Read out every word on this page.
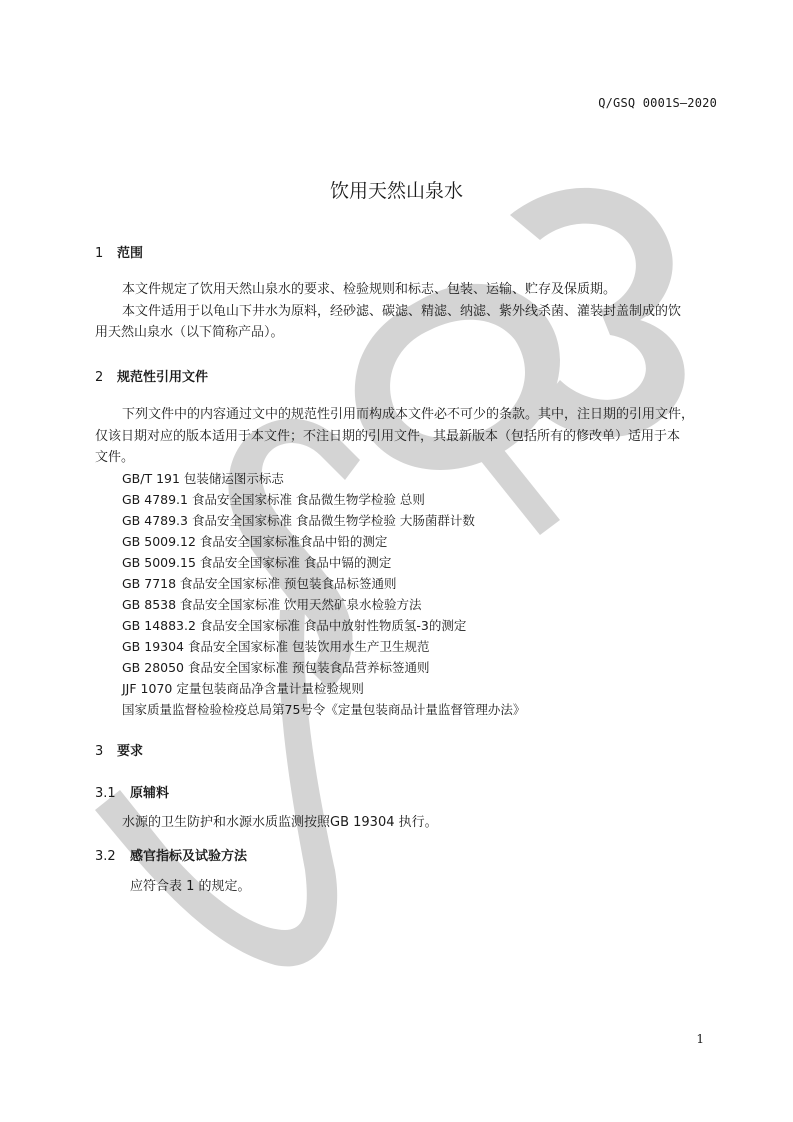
Q/GSQ 0001S—2020
饮用天然山泉水
1 范围
本文件规定了饮用天然山泉水的要求、检验规则和标志、包装、运输、贮存及保质期。
本文件适用于以龟山下井水为原料，经砂滤、碳滤、精滤、纳滤、紫外线杀菌、灌装封盖制成的饮
用天然山泉水（以下简称产品）。
2 规范性引用文件
下列文件中的内容通过文中的规范性引用而构成本文件必不可少的条款。其中，注日期的引用文件，
仅该日期对应的版本适用于本文件；不注日期的引用文件，其最新版本（包括所有的修改单）适用于本
文件。
GB/T 191 包装储运图示标志
GB 4789.1 食品安全国家标准 食品微生物学检验 总则
GB 4789.3 食品安全国家标准 食品微生物学检验 大肠菌群计数
GB 5009.12 食品安全国家标准食品中铅的测定
GB 5009.15 食品安全国家标准 食品中镉的测定
GB 7718 食品安全国家标准 预包装食品标签通则
GB 8538 食品安全国家标准 饮用天然矿泉水检验方法
GB 14883.2 食品安全国家标准 食品中放射性物质氢-3的测定
GB 19304 食品安全国家标准 包装饮用水生产卫生规范
GB 28050 食品安全国家标准 预包装食品营养标签通则
JJF 1070 定量包装商品净含量计量检验规则
国家质量监督检验检疫总局第75号令《定量包装商品计量监督管理办法》
3 要求
3.1 原辅料
水源的卫生防护和水源水质监测按照GB 19304 执行。
3.2 感官指标及试验方法
应符合表 1 的规定。
1
